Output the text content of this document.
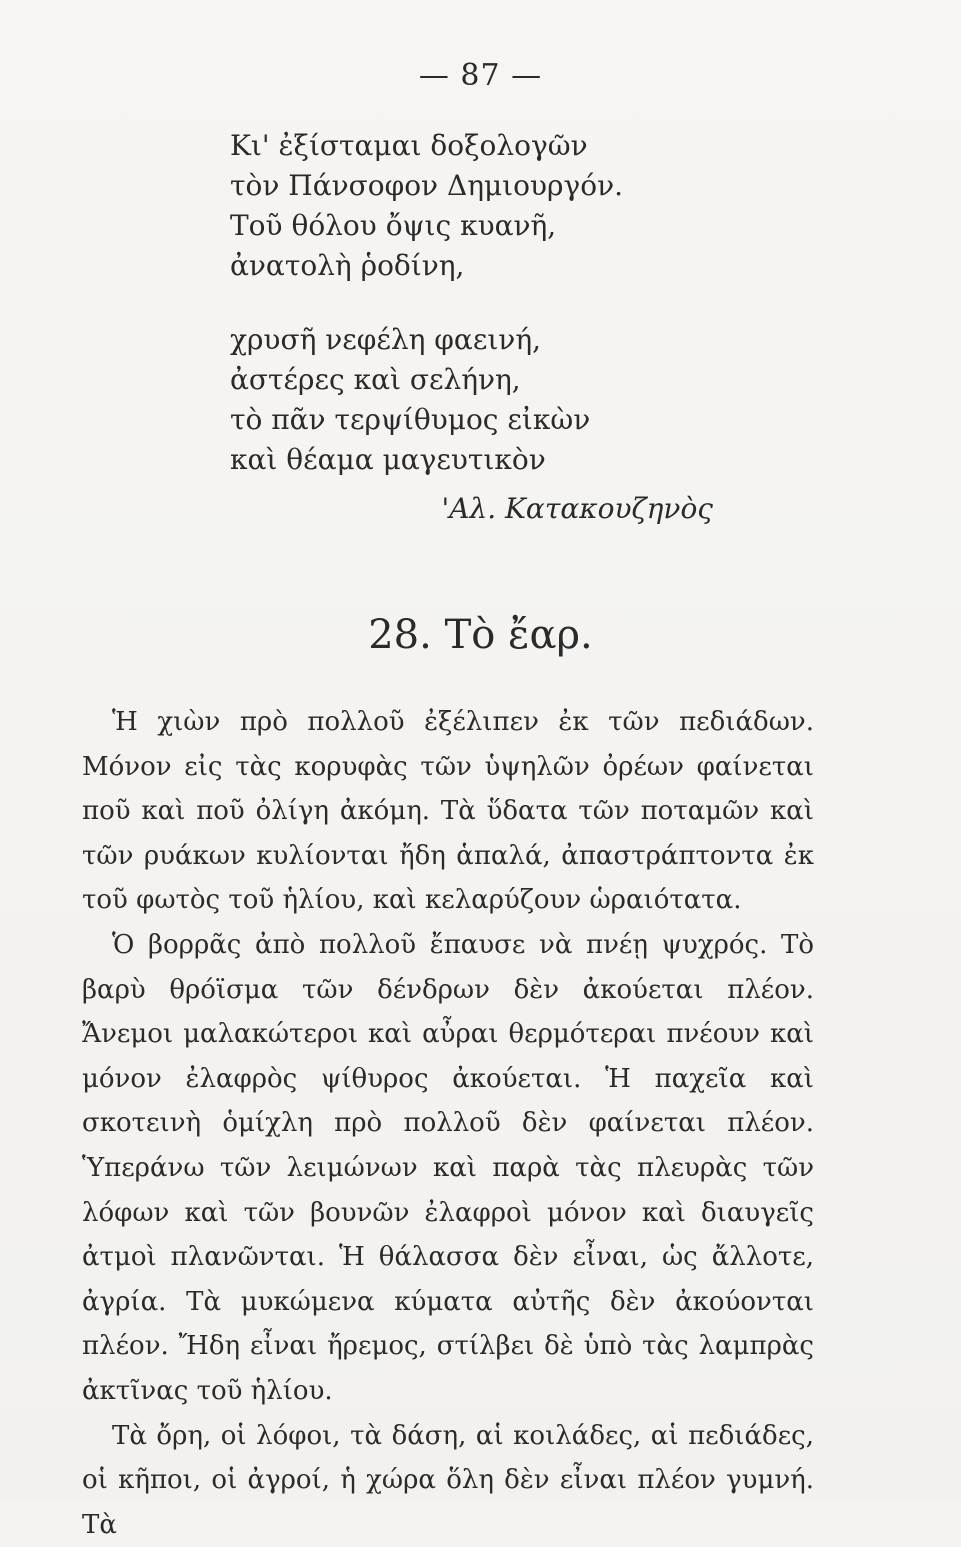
— 87 —
Κι' ἐξίσταμαι δοξολογῶν
τὸν Πάνσοφον Δημιουργόν.
Τοῦ θόλου ὄψις κυανῆ,
ἀνατολὴ ῥοδίνη,
χρυσῆ νεφέλη φαεινή,
ἀστέρες καὶ σελήνη,
τὸ πᾶν τερψίθυμος εἰκὼν
καὶ θέαμα μαγευτικὸν
'Αλ. Κατακουζηνὸς
28. Τὸ ἔαρ.

Ἡ χιὼν πρὸ πολλοῦ ἐξέλιπεν ἐκ τῶν πεδιάδων. Μόνον εἰς τὰς κορυφὰς τῶν ὑψηλῶν ὀρέων φαίνεται ποῦ καὶ ποῦ ὀλίγη ἀκόμη. Τὰ ὕδατα τῶν ποταμῶν καὶ τῶν ρυάκων κυλίονται ἤδη ἁπαλά, ἀπαστράπτοντα ἐκ τοῦ φωτὸς τοῦ ἡλίου, καὶ κελαρύζουν ὡραιότατα.

Ὁ βορρᾶς ἀπὸ πολλοῦ ἔπαυσε νὰ πνέῃ ψυχρός. Τὸ βαρὺ θρόϊσμα τῶν δένδρων δὲν ἀκούεται πλέον. Ἄνεμοι μαλακώτεροι καὶ αὖραι θερμότεραι πνέουν καὶ μόνον ἐλαφρὸς ψίθυρος ἀκούεται. Ἡ παχεῖα καὶ σκοτεινὴ ὁμίχλη πρὸ πολλοῦ δὲν φαίνεται πλέον. Ὑπεράνω τῶν λειμώνων καὶ παρὰ τὰς πλευρὰς τῶν λόφων καὶ τῶν βουνῶν ἐλαφροὶ μόνον καὶ διαυγεῖς ἀτμοὶ πλανῶνται. Ἡ θάλασσα δὲν εἶναι, ὡς ἄλλοτε, ἀγρία. Τὰ μυκώμενα κύματα αὐτῆς δὲν ἀκούονται πλέον. Ἤδη εἶναι ἤρεμος, στίλβει δὲ ὑπὸ τὰς λαμπρὰς ἀκτῖνας τοῦ ἡλίου.

Τὰ ὄρη, οἱ λόφοι, τὰ δάση, αἱ κοιλάδες, αἱ πεδιάδες, οἱ κῆποι, οἱ ἀγροί, ἡ χώρα ὅλη δὲν εἶναι πλέον γυμνή. Τὰ
